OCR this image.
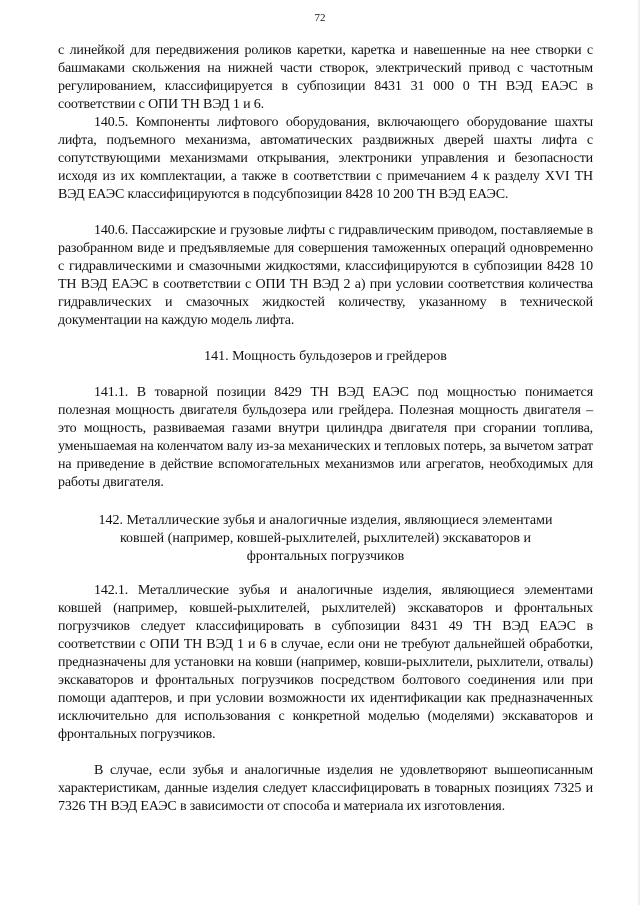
72

с линейкой для передвижения роликов каретки, каретка и навешенные на нее створки с башмаками скольжения на нижней части створок, электрический привод с частотным регулированием, классифицируется в субпозиции 8431 31 000 0 ТН ВЭД ЕАЭС в соответствии с ОПИ ТН ВЭД 1 и 6.

140.5. Компоненты лифтового оборудования, включающего оборудование шахты лифта, подъемного механизма, автоматических раздвижных дверей шахты лифта с сопутствующими механизмами открывания, электроники управления и безопасности исходя из их комплектации, а также в соответствии с примечанием 4 к разделу XVI ТН ВЭД ЕАЭС классифицируются в подсубпозиции 8428 10 200 ТН ВЭД ЕАЭС.

140.6. Пассажирские и грузовые лифты с гидравлическим приводом, поставляемые в разобранном виде и предъявляемые для совершения таможенных операций одновременно с гидравлическими и смазочными жидкостями, классифицируются в субпозиции 8428 10 ТН ВЭД ЕАЭС в соответствии с ОПИ ТН ВЭД 2 а) при условии соответствия количества гидравлических и смазочных жидкостей количеству, указанному в технической документации на каждую модель лифта.

141. Мощность бульдозеров и грейдеров

141.1. В товарной позиции 8429 ТН ВЭД ЕАЭС под мощностью понимается полезная мощность двигателя бульдозера или грейдера. Полезная мощность двигателя – это мощность, развиваемая газами внутри цилиндра двигателя при сгорании топлива, уменьшаемая на коленчатом валу из-за механических и тепловых потерь, за вычетом затрат на приведение в действие вспомогательных механизмов или агрегатов, необходимых для работы двигателя.

142. Металлические зубья и аналогичные изделия, являющиеся элементами
ковшей (например, ковшей-рыхлителей, рыхлителей) экскаваторов и
фронтальных погрузчиков

142.1. Металлические зубья и аналогичные изделия, являющиеся элементами ковшей (например, ковшей-рыхлителей, рыхлителей) экскаваторов и фронтальных погрузчиков следует классифицировать в субпозиции 8431 49 ТН ВЭД ЕАЭС в соответствии с ОПИ ТН ВЭД 1 и 6 в случае, если они не требуют дальнейшей обработки, предназначены для установки на ковши (например, ковши-рыхлители, рыхлители, отвалы) экскаваторов и фронтальных погрузчиков посредством болтового соединения или при помощи адаптеров, и при условии возможности их идентификации как предназначенных исключительно для использования с конкретной моделью (моделями) экскаваторов и фронтальных погрузчиков.

В случае, если зубья и аналогичные изделия не удовлетворяют вышеописанным характеристикам, данные изделия следует классифицировать в товарных позициях 7325 и 7326 ТН ВЭД ЕАЭС в зависимости от способа и материала их изготовления.
